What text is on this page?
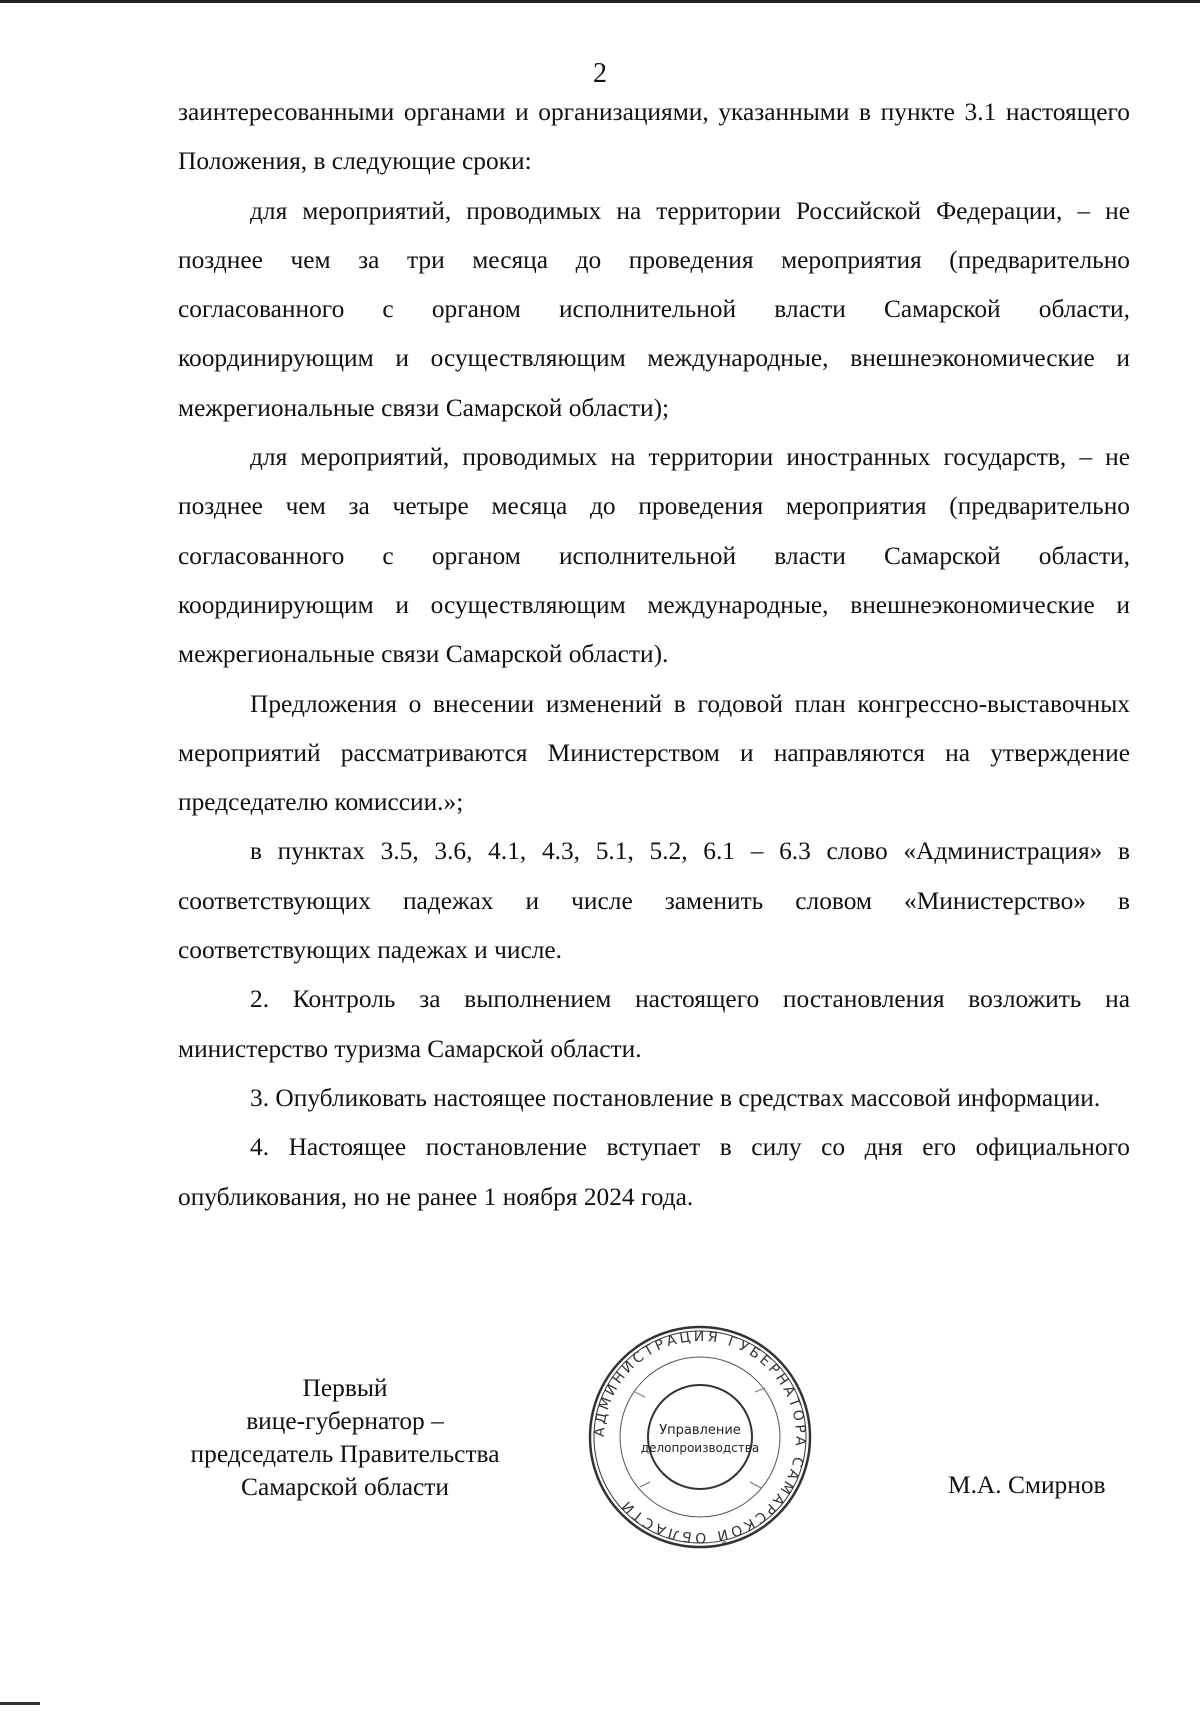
2

заинтересованными органами и организациями, указанными в пункте 3.1 настоящего Положения, в следующие сроки:

для мероприятий, проводимых на территории Российской Федерации, – не позднее чем за три месяца до проведения мероприятия (предварительно согласованного с органом исполнительной власти Самарской области, координирующим и осуществляющим международные, внешнеэкономические и межрегиональные связи Самарской области);

для мероприятий, проводимых на территории иностранных государств, – не позднее чем за четыре месяца до проведения мероприятия (предварительно согласованного с органом исполнительной власти Самарской области, координирующим и осуществляющим международные, внешнеэкономические и межрегиональные связи Самарской области).

Предложения о внесении изменений в годовой план конгрессно-выставочных мероприятий рассматриваются Министерством и направляются на утверждение председателю комиссии.»;

в пунктах 3.5, 3.6, 4.1, 4.3, 5.1, 5.2, 6.1 – 6.3 слово «Администрация» в соответствующих падежах и числе заменить словом «Министерство» в соответствующих падежах и числе.

2. Контроль за выполнением настоящего постановления возложить на министерство туризма Самарской области.

3. Опубликовать настоящее постановление в средствах массовой информации.

4. Настоящее постановление вступает в силу со дня его официального опубликования, но не ранее 1 ноября 2024 года.

Первый
вице-губернатор –
председатель Правительства
Самарской области
АДМИНИСТРАЦИЯ ГУБЕРНАТОРА САМАРСКОЙ ОБЛАСТИ
Управление
делопроизводства
М.А. Смирнов
